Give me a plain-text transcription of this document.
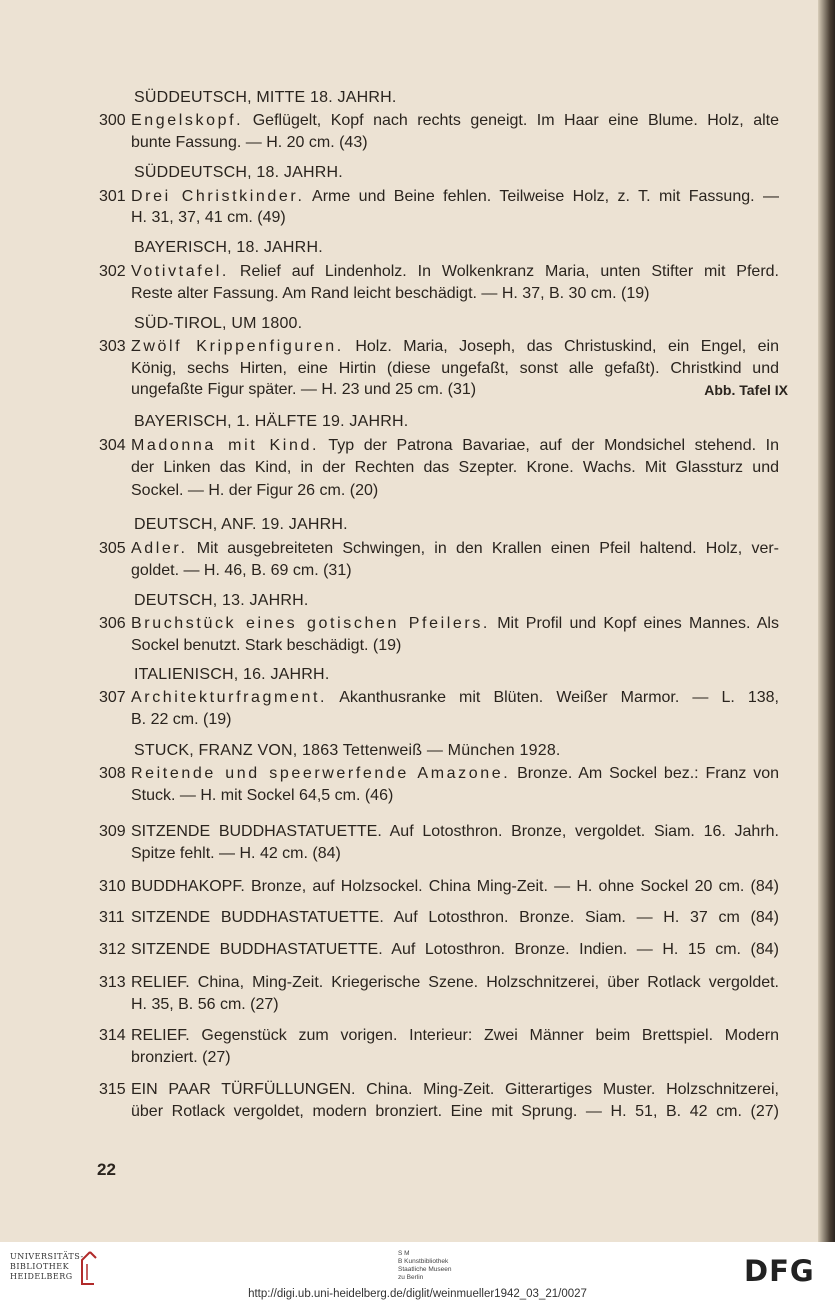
SÜDDEUTSCH, MITTE 18. JAHRH.
300 Engelskopf. Geflügelt, Kopf nach rechts geneigt. Im Haar eine Blume. Holz, alte
bunte Fassung. — H. 20 cm. (43)
SÜDDEUTSCH, 18. JAHRH.
301 Drei Christkinder. Arme und Beine fehlen. Teilweise Holz, z. T. mit Fassung. —
H. 31, 37, 41 cm. (49)
BAYERISCH, 18. JAHRH.
302 Votivtafel. Relief auf Lindenholz. In Wolkenkranz Maria, unten Stifter mit Pferd.
Reste alter Fassung. Am Rand leicht beschädigt. — H. 37, B. 30 cm. (19)
SÜD-TIROL, UM 1800.
303 Zwölf Krippenfiguren. Holz. Maria, Joseph, das Christuskind, ein Engel, ein
König, sechs Hirten, eine Hirtin (diese ungefaßt, sonst alle gefaßt). Christkind und
ungefaßte Figur später. — H. 23 und 25 cm. (31)	Abb. Tafel IX
BAYERISCH, 1. HÄLFTE 19. JAHRH.
304 Madonna mit Kind. Typ der Patrona Bavariae, auf der Mondsichel stehend. In
der Linken das Kind, in der Rechten das Szepter. Krone. Wachs. Mit Glassturz und
Sockel. — H. der Figur 26 cm. (20)
DEUTSCH, ANF. 19. JAHRH.
305 Adler. Mit ausgebreiteten Schwingen, in den Krallen einen Pfeil haltend. Holz, ver-
goldet. — H. 46, B. 69 cm. (31)
DEUTSCH, 13. JAHRH.
306 Bruchstück eines gotischen Pfeilers. Mit Profil und Kopf eines Mannes. Als
Sockel benutzt. Stark beschädigt. (19)
ITALIENISCH, 16. JAHRH.
307 Architekturfragment. Akanthusranke mit Blüten. Weißer Marmor. — L. 138,
B. 22 cm. (19)
STUCK, FRANZ VON, 1863 Tettenweiß — München 1928.
308 Reitende und speerwerfende Amazone. Bronze. Am Sockel bez.: Franz von
Stuck. — H. mit Sockel 64,5 cm. (46)
309 SITZENDE BUDDHASTATUETTE. Auf Lotosthron. Bronze, vergoldet. Siam. 16. Jahrh.
Spitze fehlt. — H. 42 cm. (84)
310 BUDDHAKOPF. Bronze, auf Holzsockel. China Ming-Zeit. — H. ohne Sockel 20 cm. (84)
311 SITZENDE BUDDHASTATUETTE. Auf Lotosthron. Bronze. Siam. — H. 37 cm (84)
312 SITZENDE BUDDHASTATUETTE. Auf Lotosthron. Bronze. Indien. — H. 15 cm. (84)
313 RELIEF. China, Ming-Zeit. Kriegerische Szene. Holzschnitzerei, über Rotlack vergoldet.
H. 35, B. 56 cm. (27)
314 RELIEF. Gegenstück zum vorigen. Interieur: Zwei Männer beim Brettspiel. Modern
bronziert. (27)
315 EIN PAAR TÜRFÜLLUNGEN. China. Ming-Zeit. Gitterartiges Muster. Holzschnitzerei,
über Rotlack vergoldet, modern bronziert. Eine mit Sprung. — H. 51, B. 42 cm. (27)
22
UNIVERSITÄTS-
BIBLIOTHEK
HEIDELBERG
S M
B Kunstbibliothek
Staatliche Museen
zu Berlin	DFG
http://digi.ub.uni-heidelberg.de/diglit/weinmueller1942_03_21/0027
